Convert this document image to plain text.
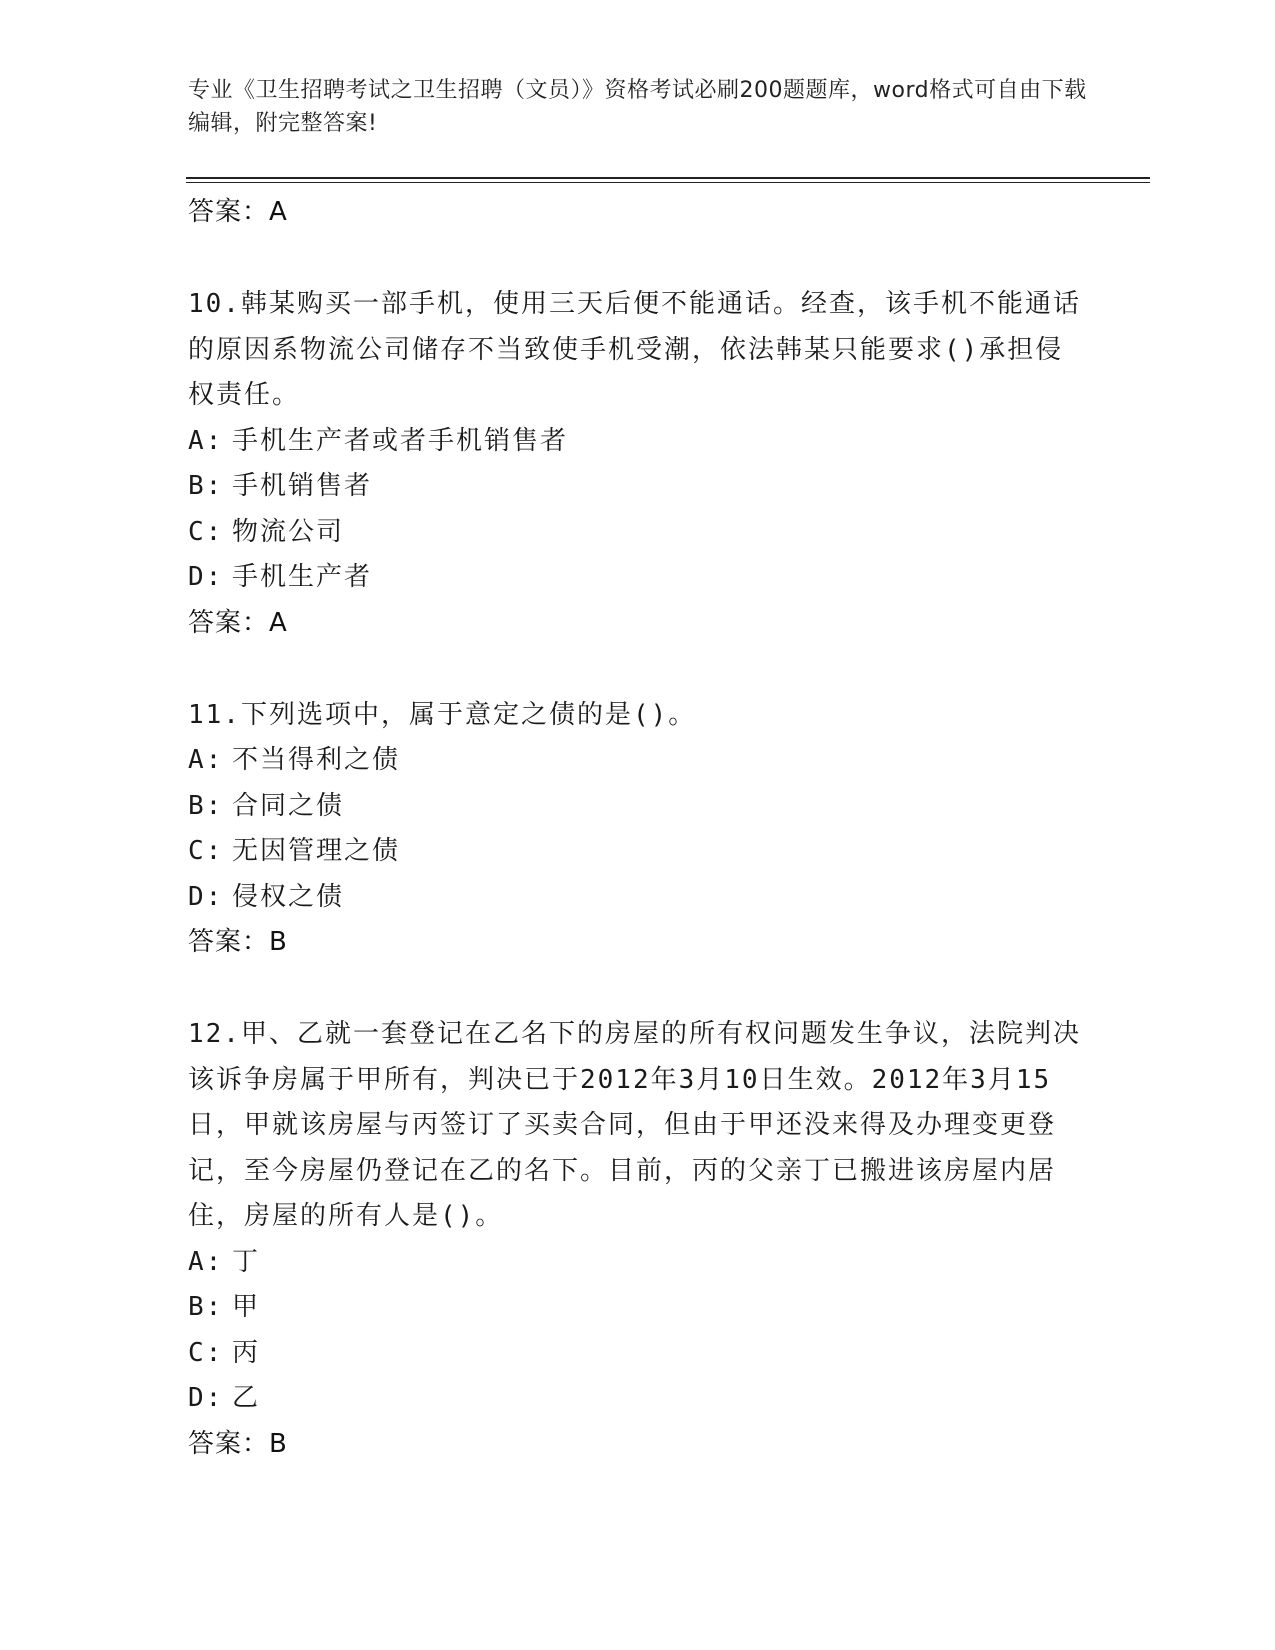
专业《卫生招聘考试之卫生招聘（文员）》资格考试必刷200题题库，word格式可自由下载编辑，附完整答案!
答案：A
10.韩某购买一部手机，使用三天后便不能通话。经查，该手机不能通话的原因系物流公司储存不当致使手机受潮，依法韩某只能要求()承担侵权责任。
A: 手机生产者或者手机销售者
B: 手机销售者
C: 物流公司
D: 手机生产者
答案：A
11.下列选项中，属于意定之债的是()。
A: 不当得利之债
B: 合同之债
C: 无因管理之债
D: 侵权之债
答案：B
12.甲、乙就一套登记在乙名下的房屋的所有权问题发生争议，法院判决该诉争房属于甲所有，判决已于2012年3月10日生效。2012年3月15日，甲就该房屋与丙签订了买卖合同，但由于甲还没来得及办理变更登记，至今房屋仍登记在乙的名下。目前，丙的父亲丁已搬进该房屋内居住，房屋的所有人是()。
A: 丁
B: 甲
C: 丙
D: 乙
答案：B
